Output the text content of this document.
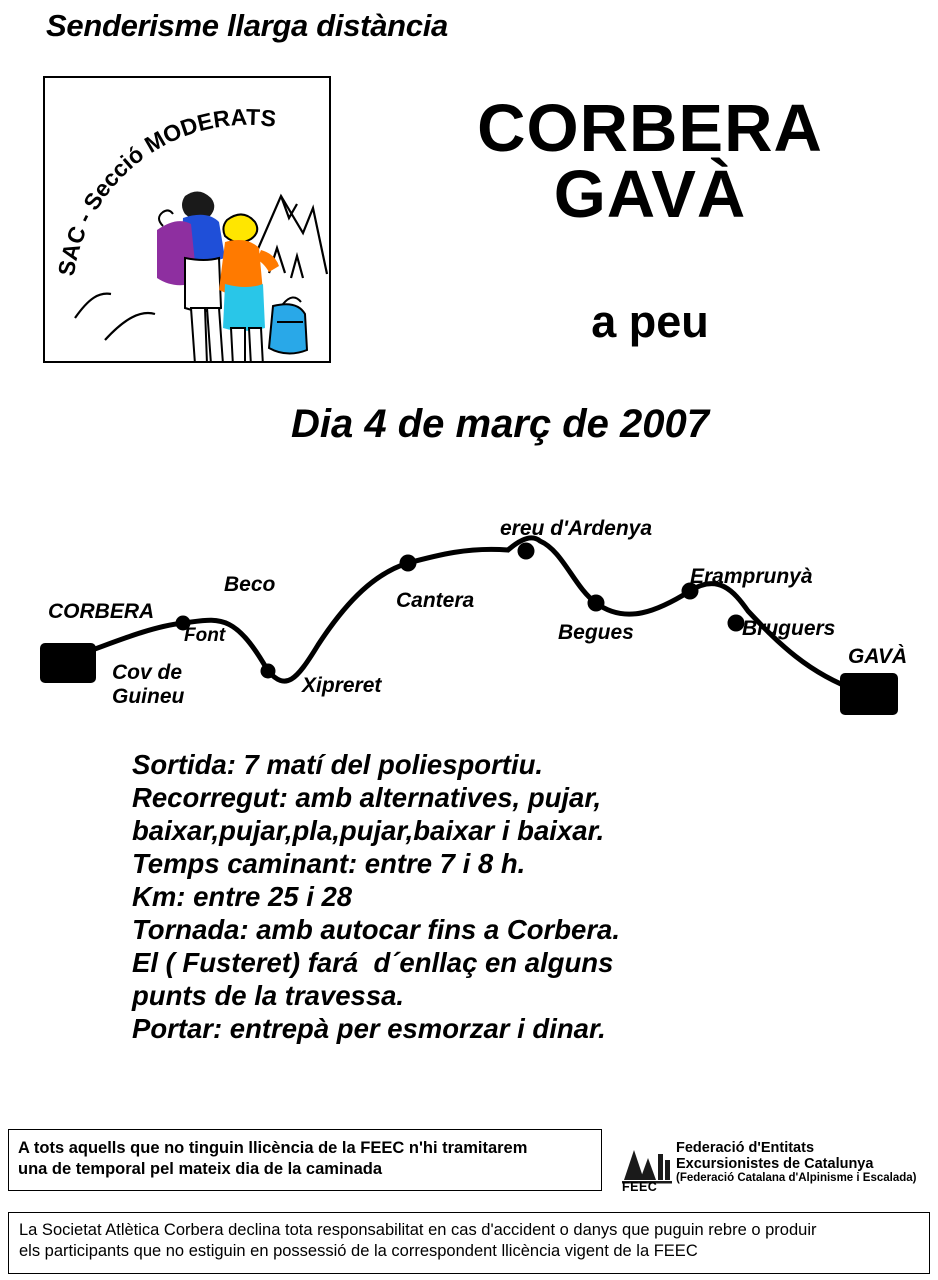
Senderisme llarga distància
SAC - Secció MODERATS	CORBERA
GAVÀ
a peu
Dia 4 de març de 2007
CORBERA
Cov de
Guineu
Font
Beco
Xipreret
Cantera
ereu d'Ardenya
Begues
Eramprunyà
Bruguers
GAVÀ
Sortida: 7 matí del poliesportiu.
Recorregut: amb alternatives, pujar,
baixar,pujar,pla,pujar,baixar i baixar.
Temps caminant: entre 7 i 8 h.
Km: entre 25 i 28
Tornada: amb autocar fins a Corbera.
El ( Fusteret) fará  d´enllaç en alguns
punts de la travessa.
Portar: entrepà per esmorzar i dinar.
A tots aquells que no tinguin llicència de la FEEC n'hi tramitarem
una de temporal pel mateix dia de la caminada
FEEC
Federació d'Entitats
Excursionistes de Catalunya
(Federació Catalana d'Alpinisme i Escalada)
La Societat Atlètica Corbera declina tota responsabilitat en cas d'accident o danys que puguin rebre o produir
els participants que no estiguin en possessió de la correspondent llicència vigent de la FEEC
